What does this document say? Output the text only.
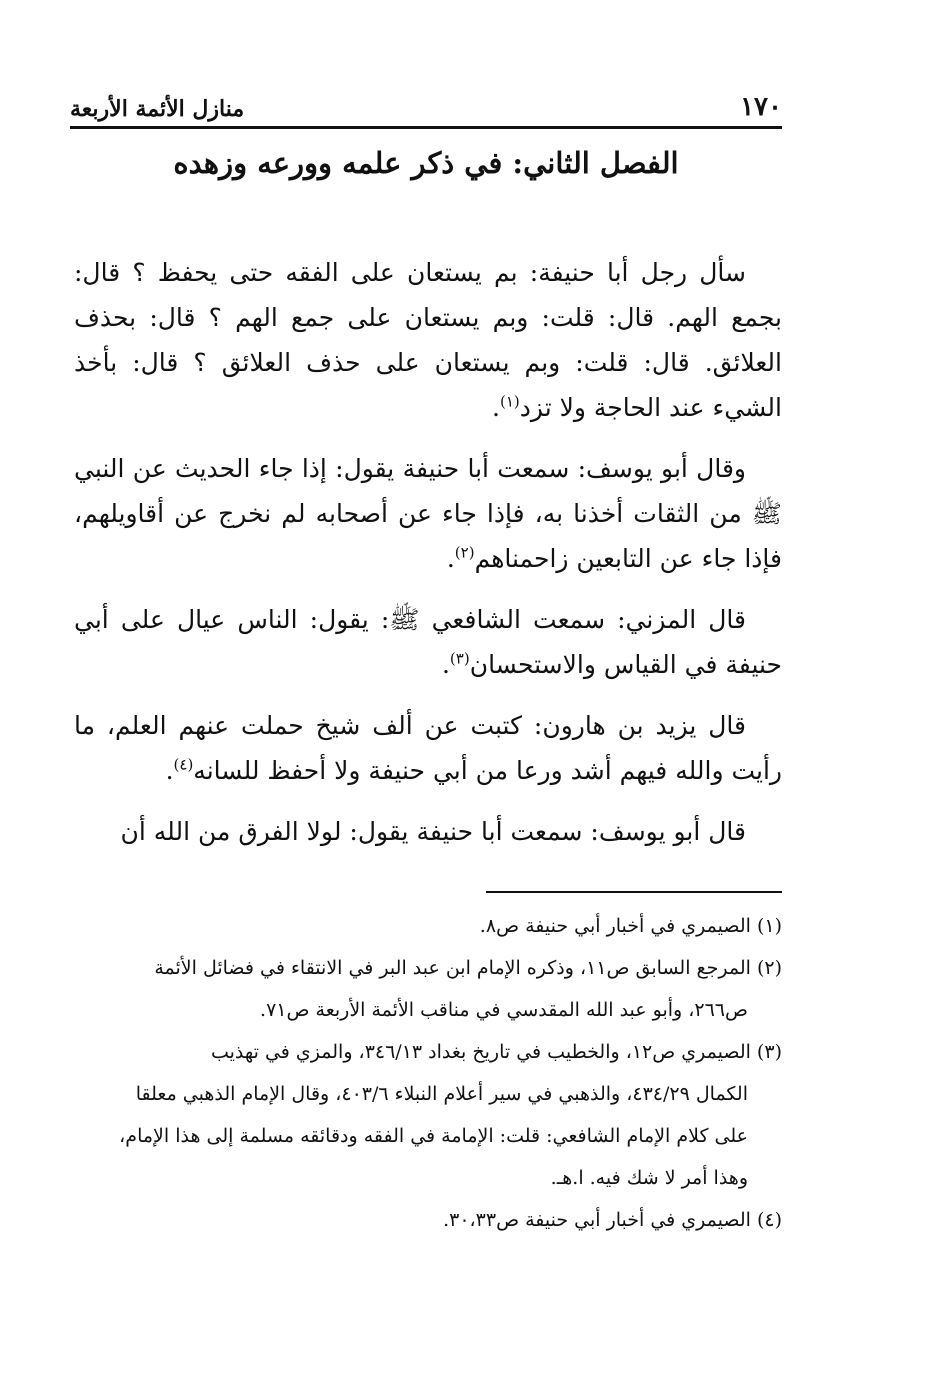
١٧٠
منازل الأئمة الأربعة
الفصل الثاني: في ذكر علمه وورعه وزهده

سأل رجل أبا حنيفة: بم يستعان على الفقه حتى يحفظ ؟ قال: بجمع الهم. قال: قلت: وبم يستعان على جمع الهم ؟ قال: بحذف العلائق. قال: قلت: وبم يستعان على حذف العلائق ؟ قال: بأخذ الشيء عند الحاجة ولا تزد$^{(١)}$.

وقال أبو يوسف: سمعت أبا حنيفة يقول: إذا جاء الحديث عن النبي ﷺ من الثقات أخذنا به، فإذا جاء عن أصحابه لم نخرج عن أقاويلهم، فإذا جاء عن التابعين زاحمناهم$^{(٢)}$.

قال المزني: سمعت الشافعي ﷺ: يقول: الناس عيال على أبي حنيفة في القياس والاستحسان$^{(٣)}$.

قال يزيد بن هارون: كتبت عن ألف شيخ حملت عنهم العلم، ما رأيت والله فيهم أشد ورعا من أبي حنيفة ولا أحفظ للسانه$^{(٤)}$.

قال أبو يوسف: سمعت أبا حنيفة يقول: لولا الفرق من الله أن

(١) الصيمري في أخبار أبي حنيفة ص٨.

(٢) المرجع السابق ص١١، وذكره الإمام ابن عبد البر في الانتقاء في فضائل الأئمة

ص٢٦٦، وأبو عبد الله المقدسي في مناقب الأئمة الأربعة ص٧١.

(٣) الصيمري ص١٢، والخطيب في تاريخ بغداد ٣٤٦/١٣، والمزي في تهذيب

الكمال ٤٣٤/٢٩، والذهبي في سير أعلام النبلاء ٤٠٣/٦، وقال الإمام الذهبي معلقا

على كلام الإمام الشافعي: قلت: الإمامة في الفقه ودقائقه مسلمة إلى هذا الإمام،

وهذا أمر لا شك فيه. ا.هـ.

(٤) الصيمري في أخبار أبي حنيفة ص٣٠،٣٣.
